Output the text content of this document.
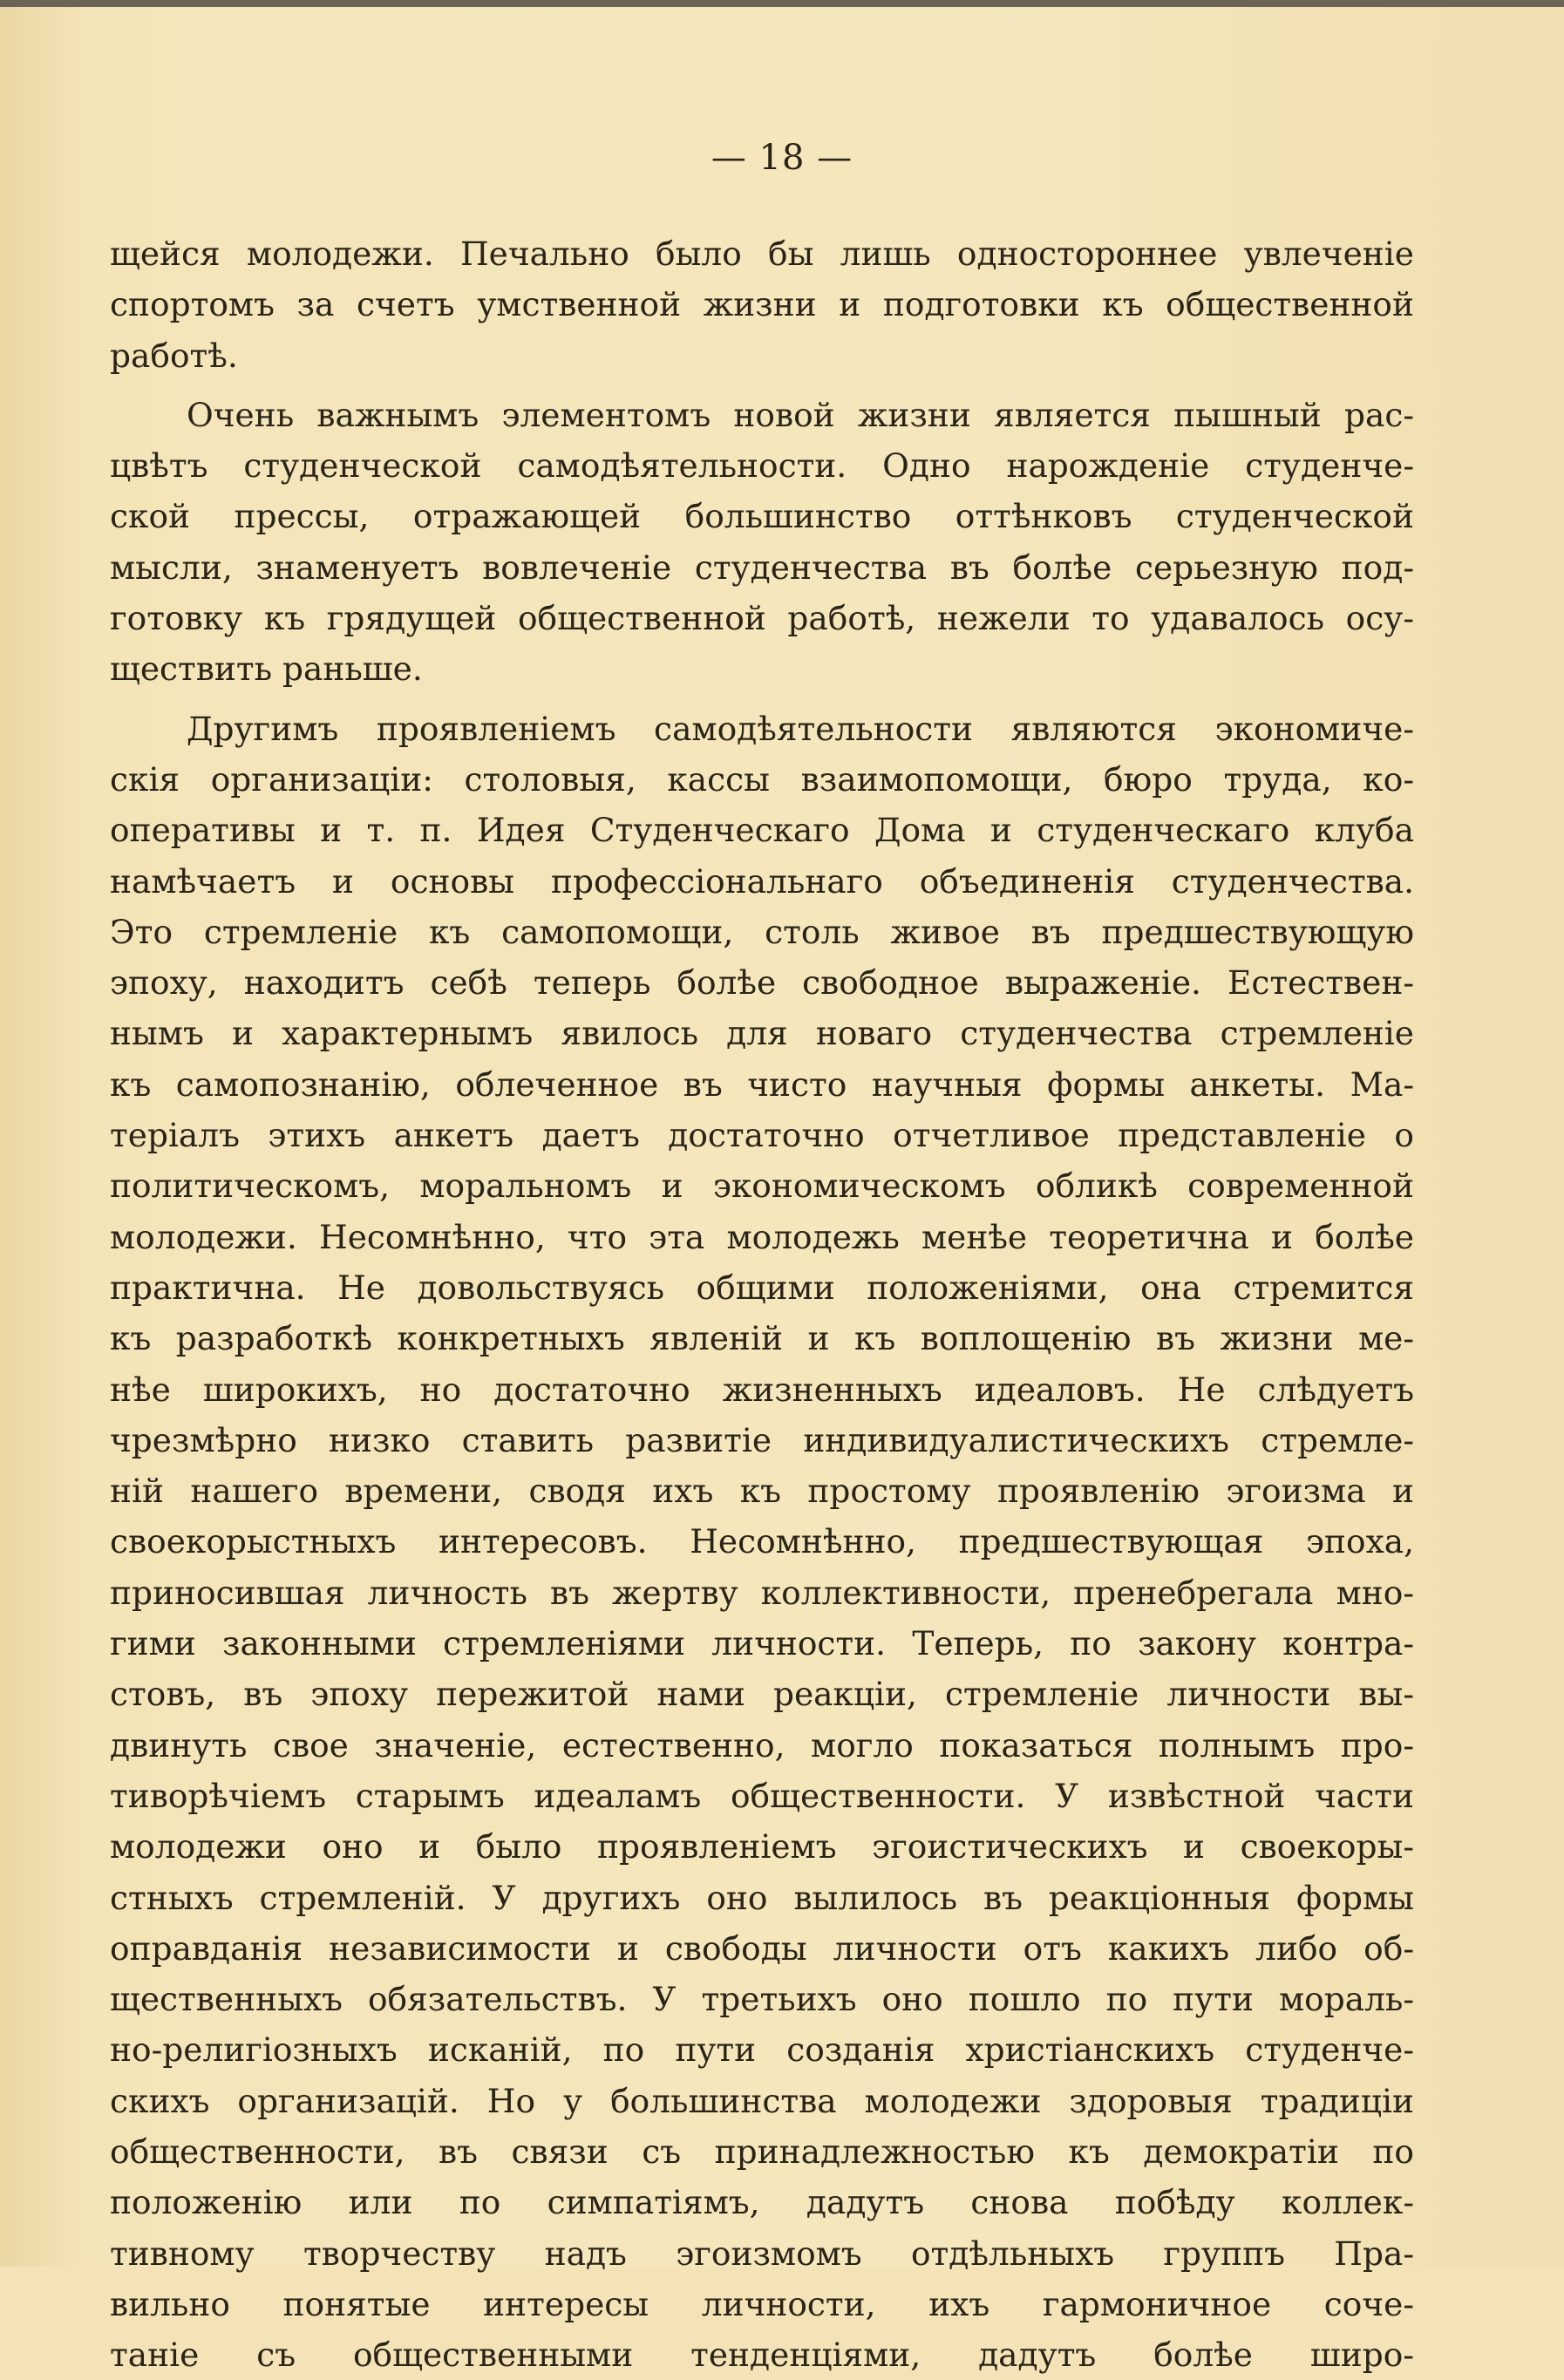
— 18 —
щейся молодежи. Печально было бы лишь одностороннее увлеченіе
спортомъ за счетъ умственной жизни и подготовки къ общественной
работѣ.
Очень важнымъ элементомъ новой жизни является пышный рас-
цвѣтъ студенческой самодѣятельности. Одно нарожденіе студенче-
ской прессы, отражающей большинство оттѣнковъ студенческой
мысли, знаменуетъ вовлеченіе студенчества въ болѣе серьезную под-
готовку къ грядущей общественной работѣ, нежели то удавалось осу-
ществить раньше.
Другимъ проявленіемъ самодѣятельности являются экономиче-
скія организаціи: столовыя, кассы взаимопомощи, бюро труда, ко-
оперативы и т. п. Идея Студенческаго Дома и студенческаго клуба
намѣчаетъ и основы профессіональнаго объединенія студенчества.
Это стремленіе къ самопомощи, столь живое въ предшествующую
эпоху, находитъ себѣ теперь болѣе свободное выраженіе. Естествен-
нымъ и характернымъ явилось для новаго студенчества стремленіе
къ самопознанію, облеченное въ чисто научныя формы анкеты. Ма-
теріалъ этихъ анкетъ даетъ достаточно отчетливое представленіе о
политическомъ, моральномъ и экономическомъ обликѣ современной
молодежи. Несомнѣнно, что эта молодежь менѣе теоретична и болѣе
практична. Не довольствуясь общими положеніями, она стремится
къ разработкѣ конкретныхъ явленій и къ воплощенію въ жизни ме-
нѣе широкихъ, но достаточно жизненныхъ идеаловъ. Не слѣдуетъ
чрезмѣрно низко ставить развитіе индивидуалистическихъ стремле-
ній нашего времени, сводя ихъ къ простому проявленію эгоизма и
своекорыстныхъ интересовъ. Несомнѣнно, предшествующая эпоха,
приносившая личность въ жертву коллективности, пренебрегала мно-
гими законными стремленіями личности. Теперь, по закону контра-
стовъ, въ эпоху пережитой нами реакціи, стремленіе личности вы-
двинуть свое значеніе, естественно, могло показаться полнымъ про-
тиворѣчіемъ старымъ идеаламъ общественности. У извѣстной части
молодежи оно и было проявленіемъ эгоистическихъ и своекоры-
стныхъ стремленій. У другихъ оно вылилось въ реакціонныя формы
оправданія независимости и свободы личности отъ какихъ либо об-
щественныхъ обязательствъ. У третьихъ оно пошло по пути мораль-
но-религіозныхъ исканій, по пути созданія христіанскихъ студенче-
скихъ организацій. Но у большинства молодежи здоровыя традиціи
общественности, въ связи съ принадлежностью къ демократіи по
положенію или по симпатіямъ, дадутъ снова побѣду коллек-
тивному творчеству надъ эгоизмомъ отдѣльныхъ группъ Пра-
вильно понятые интересы личности, ихъ гармоничное соче-
таніе съ общественными тенденціями, дадутъ болѣе широ-
